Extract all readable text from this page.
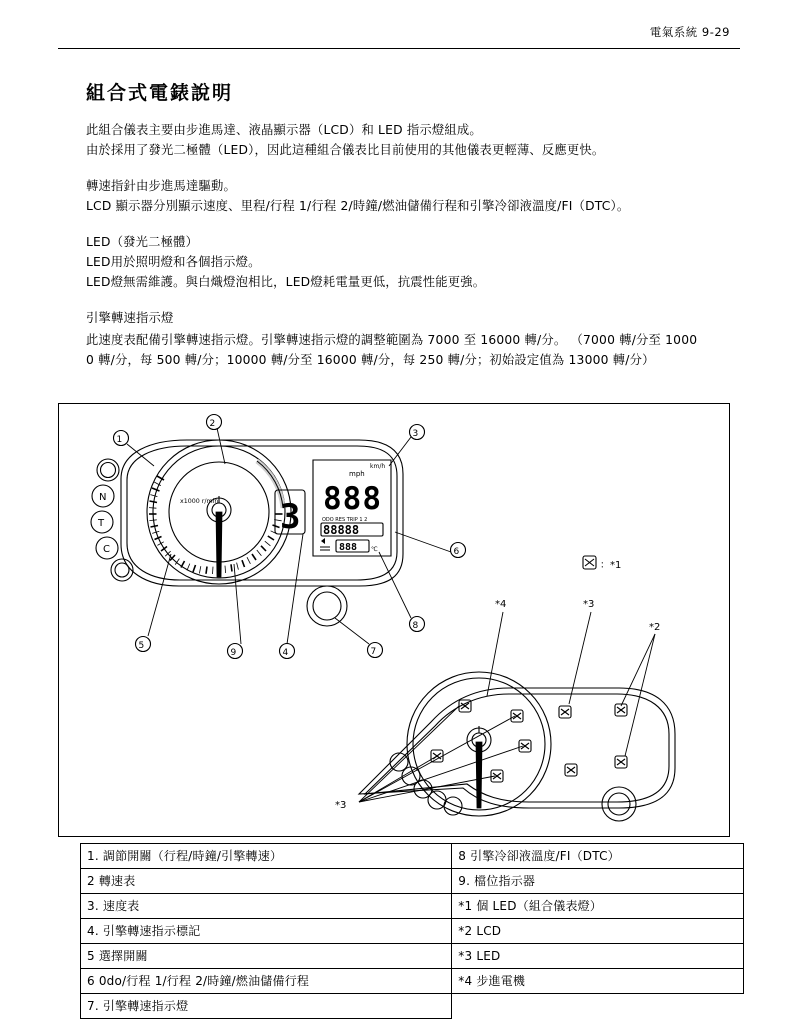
電氣系統 9-29
組合式電錶說明

此組合儀表主要由步進馬達、液晶顯示器（LCD）和 LED 指示燈組成。
由於採用了發光二極體（LED），因此這種組合儀表比目前使用的其他儀表更輕薄、反應更快。

轉速指針由步進馬達驅動。
LCD 顯示器分別顯示速度、里程/行程 1/行程 2/時鐘/燃油儲備行程和引擎冷卻液溫度/FI（DTC）。

LED（發光二極體）
LED用於照明燈和各個指示燈。
LED燈無需維護。與白熾燈泡相比，LED燈耗電量更低，抗震性能更強。

引擎轉速指示燈

此速度表配備引擎轉速指示燈。引擎轉速指示燈的調整範圍為 7000 至 16000 轉/分。 （7000 轉/分至 1000
0 轉/分，每 500 轉/分；10000 轉/分至 16000 轉/分，每 250 轉/分；初始設定值為 13000 轉/分）

x1000 r/min
N
T
C
3
mph
km/h
888
ODO RES TRIP 1 2
88888
888 ℃
1
2
3
4
5
6
7
8
9
：*1
*3
*4	*3
*2
1. 調節開關（行程/時鐘/引擎轉速）	8 引擎冷卻液溫度/FI（DTC）
2 轉速表	9. 檔位指示器
3. 速度表	*1 個 LED（組合儀表燈）
4. 引擎轉速指示標記	*2 LCD
5 選擇開關	*3 LED
6 0do/行程 1/行程 2/時鐘/燃油儲備行程	*4 步進電機
7. 引擎轉速指示燈	
